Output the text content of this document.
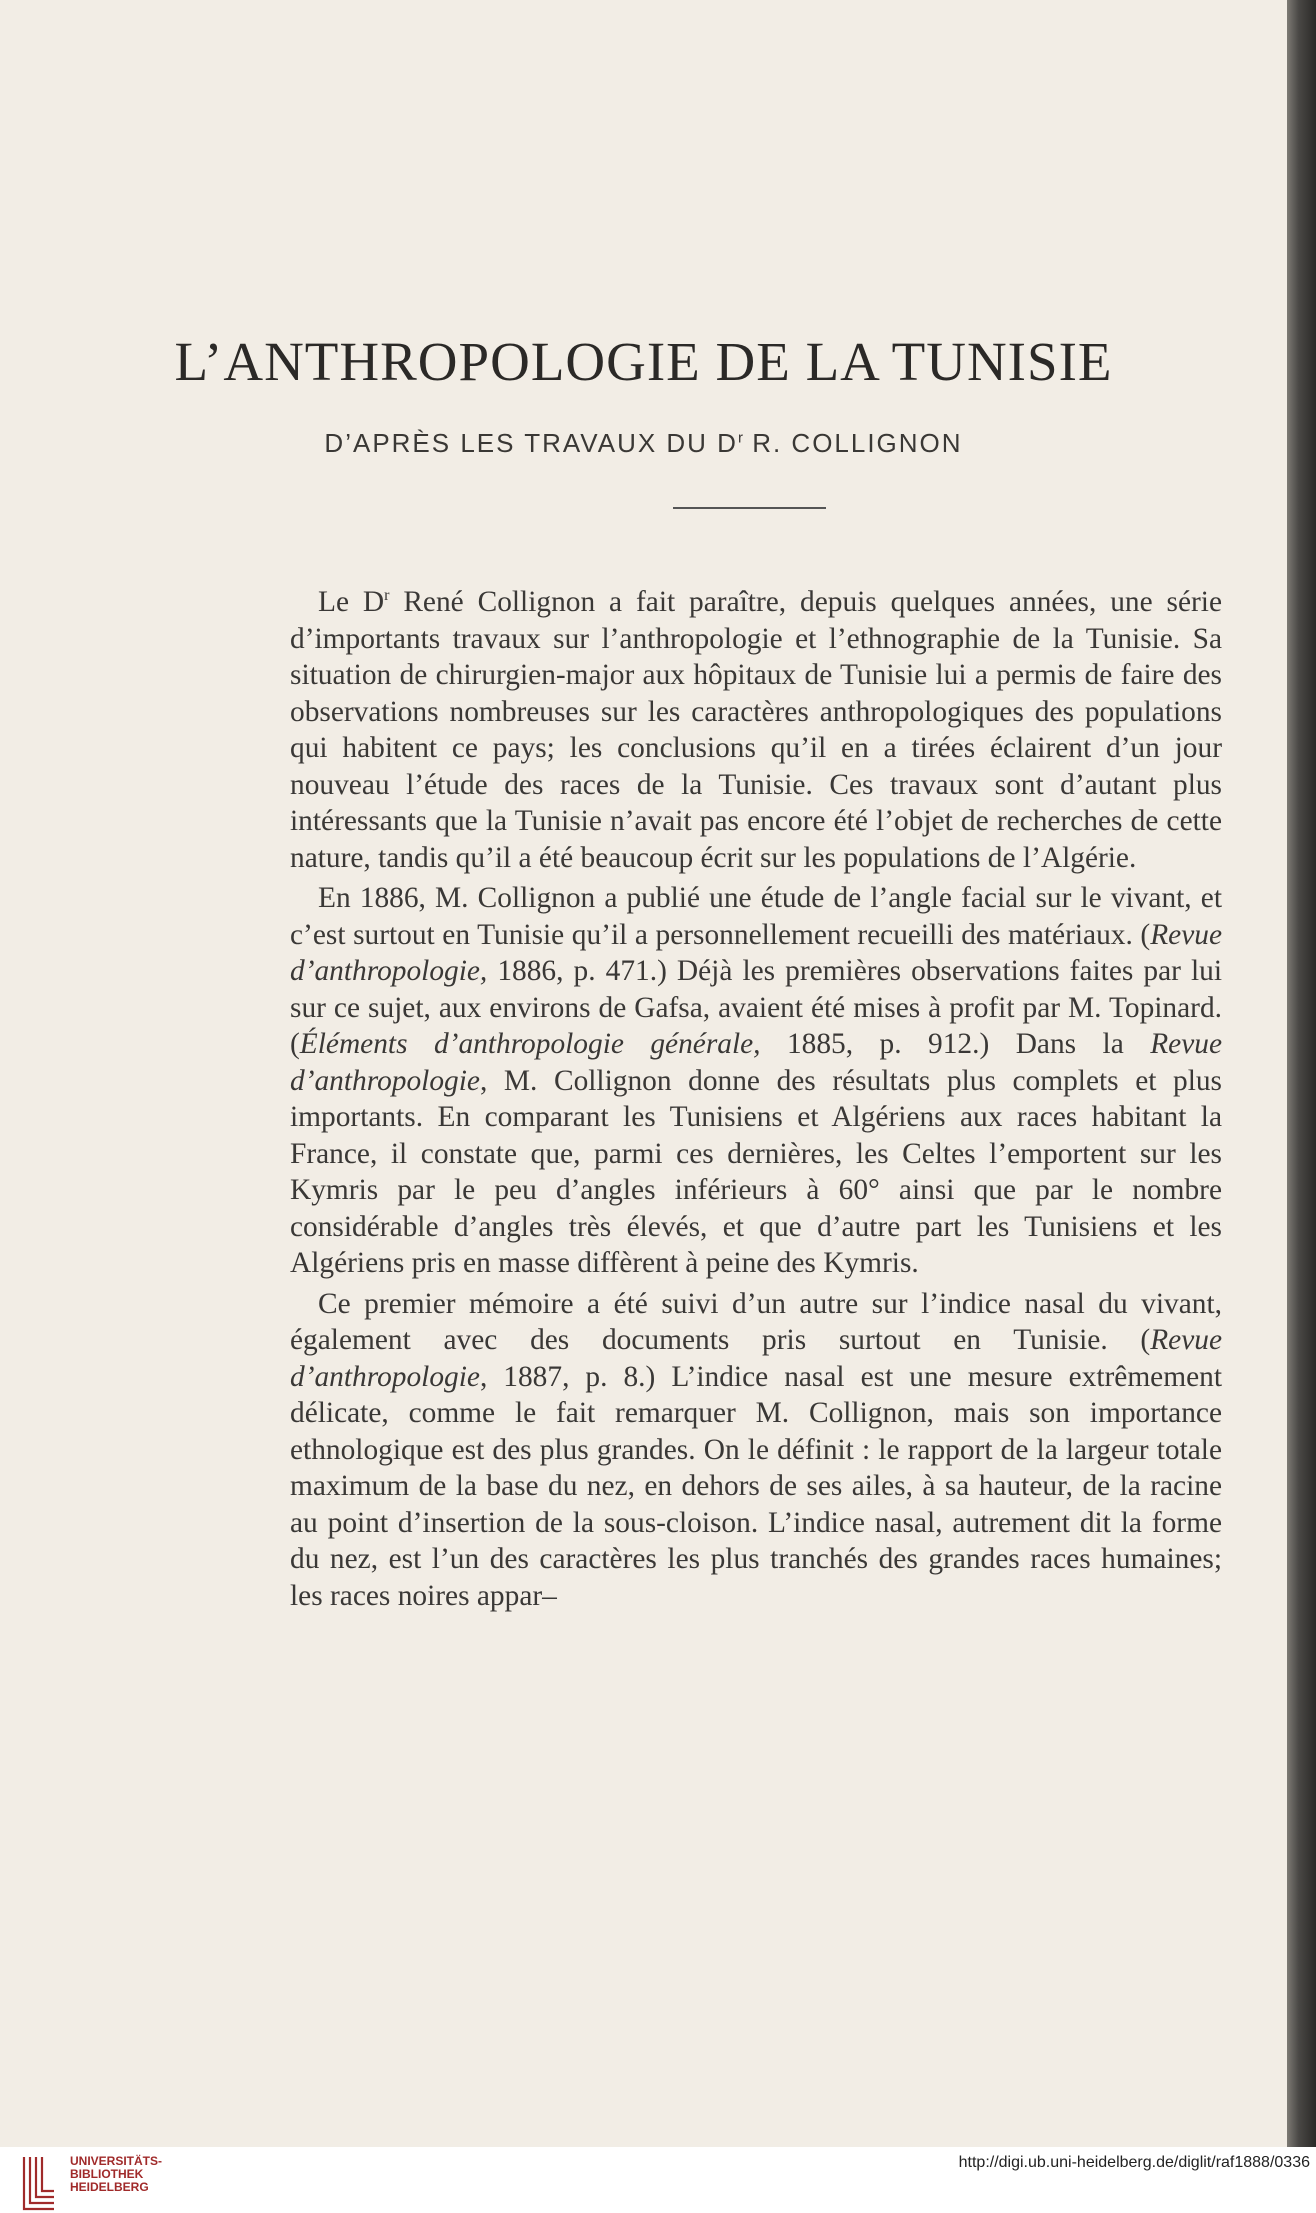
L’ANTHROPOLOGIE DE LA TUNISIE
D’APRÈS LES TRAVAUX DU $D^r$ R. COLLIGNON

Le $D^r$ René Collignon a fait paraître, depuis quelques années, une série d’importants travaux sur l’anthropologie et l’ethnographie de la Tunisie. Sa situation de chirurgien-major aux hôpitaux de Tunisie lui a permis de faire des observations nombreuses sur les caractères anthropologiques des populations qui habitent ce pays; les conclusions qu’il en a tirées éclairent d’un jour nouveau l’étude des races de la Tunisie. Ces travaux sont d’autant plus intéressants que la Tunisie n’avait pas encore été l’objet de recherches de cette nature, tandis qu’il a été beaucoup écrit sur les populations de l’Algérie.

En 1886, M. Collignon a publié une étude de l’angle facial sur le vivant, et c’est surtout en Tunisie qu’il a personnellement recueilli des matériaux. (Revue d’anthropologie, 1886, p. 471.) Déjà les premières observations faites par lui sur ce sujet, aux environs de Gafsa, avaient été mises à profit par M. Topinard. (Éléments d’anthropologie générale, 1885, p. 912.) Dans la Revue d’anthropologie, M. Collignon donne des résultats plus complets et plus importants. En comparant les Tunisiens et Algériens aux races habitant la France, il constate que, parmi ces dernières, les Celtes l’emportent sur les Kymris par le peu d’angles inférieurs à 60° ainsi que par le nombre considérable d’angles très élevés, et que d’autre part les Tunisiens et les Algériens pris en masse diffèrent à peine des Kymris.

Ce premier mémoire a été suivi d’un autre sur l’indice nasal du vivant, également avec des documents pris surtout en Tunisie. (Revue d’anthropologie, 1887, p. 8.) L’indice nasal est une mesure extrêmement délicate, comme le fait remarquer M. Collignon, mais son importance ethnologique est des plus grandes. On le définit : le rapport de la largeur totale maximum de la base du nez, en dehors de ses ailes, à sa hauteur, de la racine au point d’insertion de la sous-cloison. L’indice nasal, autrement dit la forme du nez, est l’un des caractères les plus tranchés des grandes races humaines; les races noires appar–

UNIVERSITÄTS-
BIBLIOTHEK
HEIDELBERG
http://digi.ub.uni-heidelberg.de/diglit/raf1888/0336
